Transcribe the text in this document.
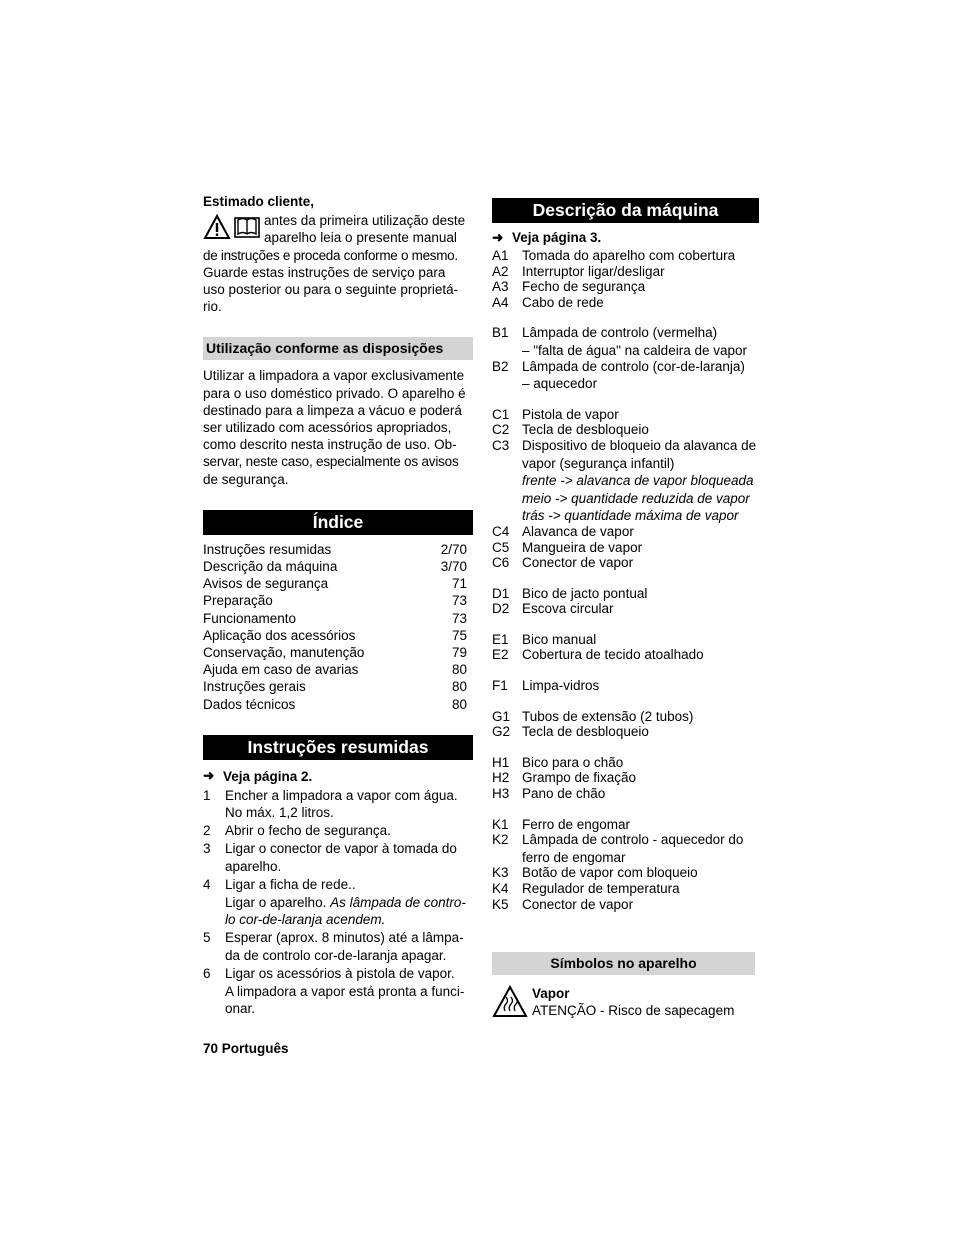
Estimado cliente,

antes da primeira utilização deste

aparelho leia o presente manual

de instruções e proceda conforme o mesmo.

Guarde estas instruções de serviço para

uso posterior ou para o seguinte proprietá-

rio.

Utilização conforme as disposições

Utilizar a limpadora a vapor exclusivamente

para o uso doméstico privado. O aparelho é

destinado para a limpeza a vácuo e poderá

ser utilizado com acessórios apropriados,

como descrito nesta instrução de uso. Ob-

servar, neste caso, especialmente os avisos

de segurança.

Índice
Instruções resumidas	2/70
Descrição da máquina	3/70
Avisos de segurança	71
Preparação	73
Funcionamento	73
Aplicação dos acessórios	75
Conservação, manutenção	79
Ajuda em caso de avarias	80
Instruções gerais	80
Dados técnicos	80
Instruções resumidas
➜ Veja página 2.
1	Encher a limpadora a vapor com água.
No máx. 1,2 litros.
2	Abrir o fecho de segurança.
3	Ligar o conector de vapor à tomada do
aparelho.
4	Ligar a ficha de rede..
Ligar o aparelho. As lâmpada de contro-
lo cor-de-laranja acendem.
5	Esperar (aprox. 8 minutos) até a lâmpa-
da de controlo cor-de-laranja apagar.
6	Ligar os acessórios à pistola de vapor.
A limpadora a vapor está pronta a funci-
onar.
70 Português
Descrição da máquina
➜ Veja página 3.
A1 Tomada do aparelho com cobertura
A2 Interruptor ligar/desligar
A3 Fecho de segurança
A4 Cabo de rede
B1 Lâmpada de controlo (vermelha)
– "falta de água" na caldeira de vapor
B2 Lâmpada de controlo (cor-de-laranja)
– aquecedor
C1 Pistola de vapor
C2 Tecla de desbloqueio
C3 Dispositivo de bloqueio da alavanca de
vapor (segurança infantil)
frente -> alavanca de vapor bloqueada
meio -> quantidade reduzida de vapor
trás -> quantidade máxima de vapor
C4 Alavanca de vapor
C5 Mangueira de vapor
C6 Conector de vapor
D1 Bico de jacto pontual
D2 Escova circular
E1 Bico manual
E2 Cobertura de tecido atoalhado
F1	Limpa-vidros
G1 Tubos de extensão (2 tubos)
G2 Tecla de desbloqueio
H1 Bico para o chão
H2 Grampo de fixação
H3 Pano de chão
K1 Ferro de engomar
K2 Lâmpada de controlo - aquecedor do
ferro de engomar
K3 Botão de vapor com bloqueio
K4 Regulador de temperatura
K5 Conector de vapor
Símbolos no aparelho

Vapor

ATENÇÃO - Risco de sapecagem
